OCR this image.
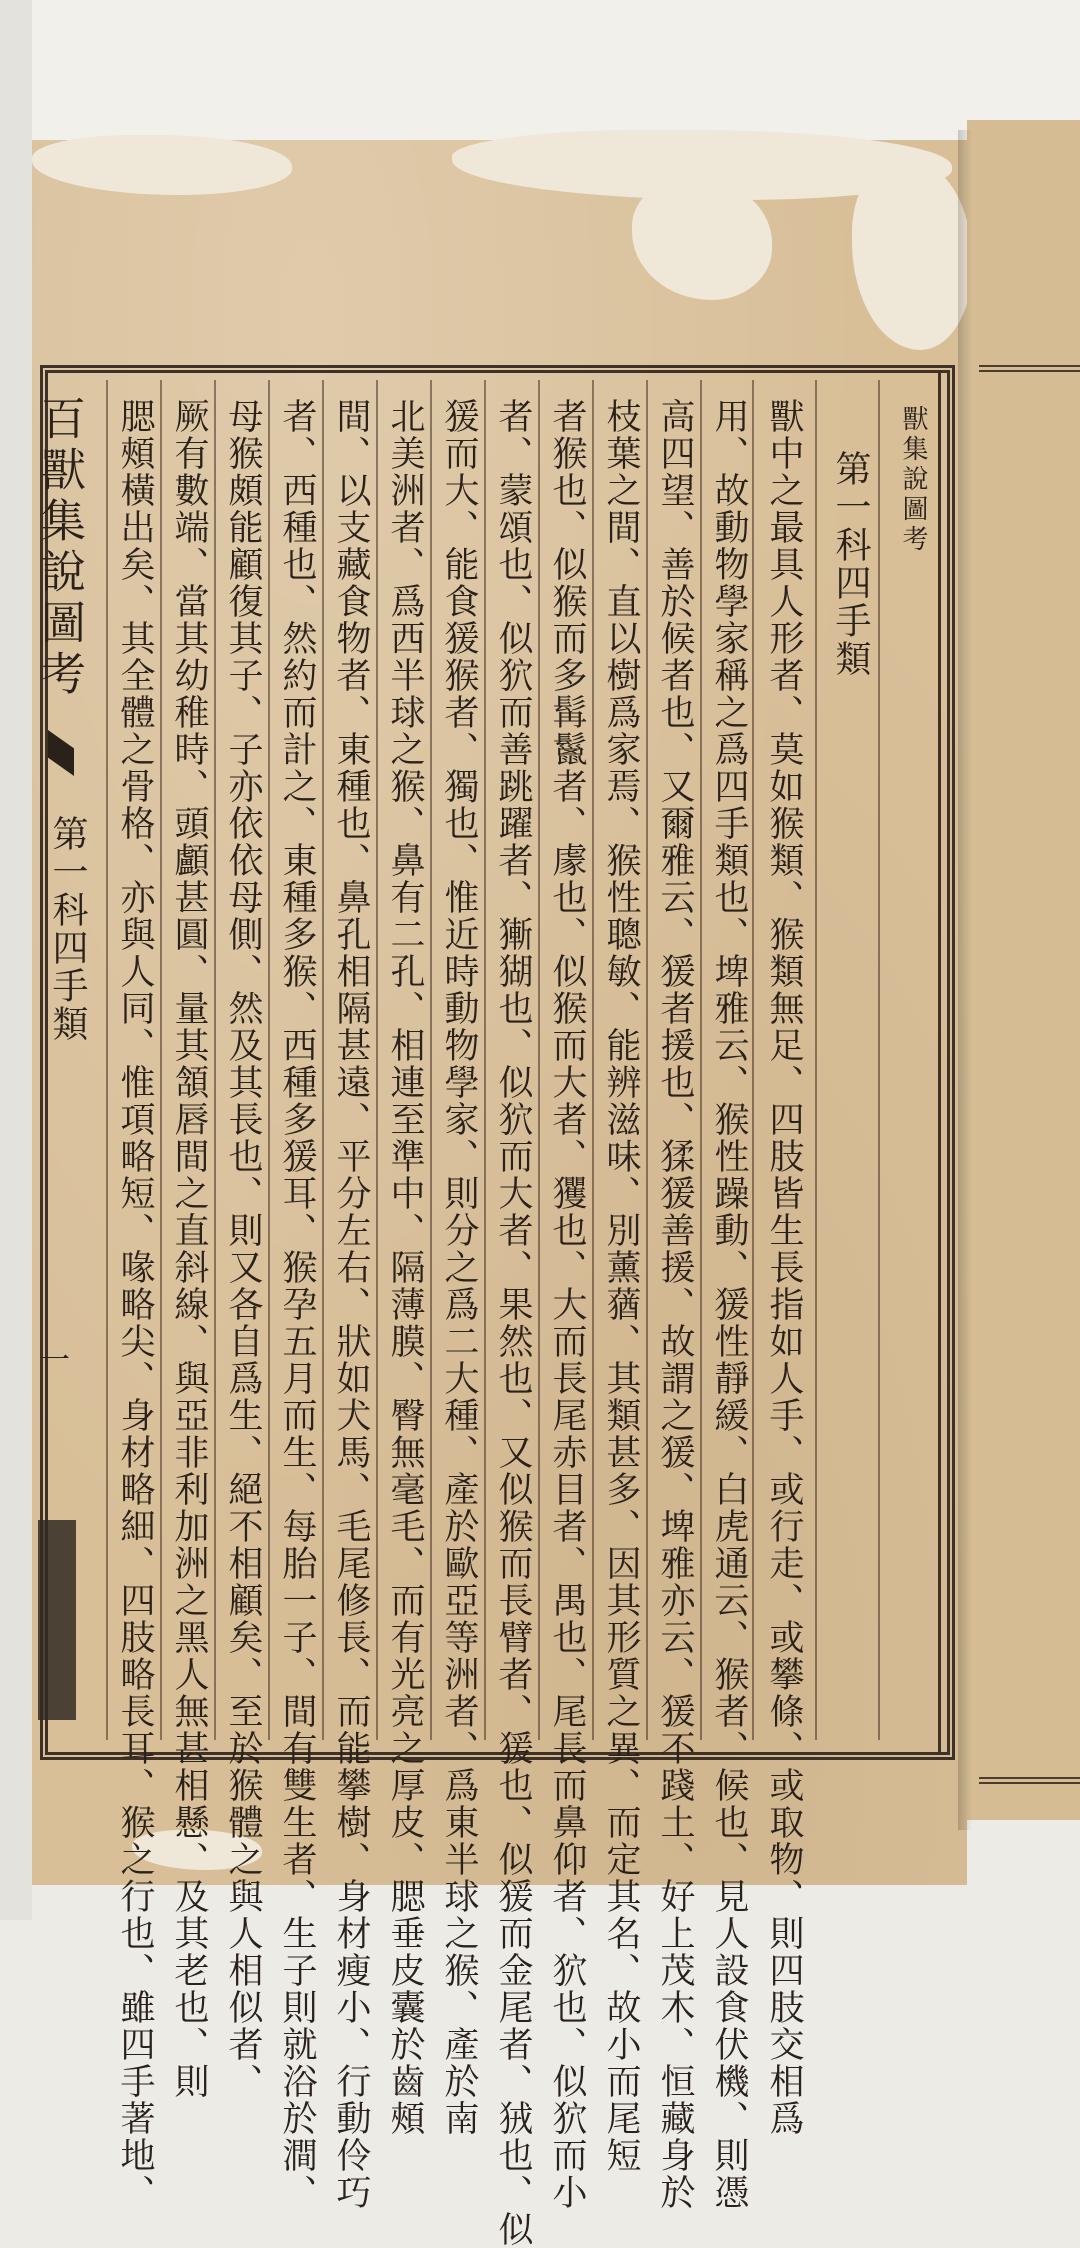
獸集說圖考
第一科四手類
獸中之最具人形者、莫如猴類、猴類無足、四肢皆生長指如人手、或行走、或攀條、或取物、則四肢交相爲
用、故動物學家稱之爲四手類也、埤雅云、猴性躁動、猨性靜緩、白虎通云、猴者、候也、見人設食伏機、則憑
高四望、善於候者也、又爾雅云、猨者援也、猱猨善援、故謂之猨、埤雅亦云、猨不踐土、好上茂木、恒藏身於
枝葉之間、直以樹爲家焉、猴性聰敏、能辨滋味、別薰蕕、其類甚多、因其形質之異、而定其名、故小而尾短
者猴也、似猴而多髯鬣者、豦也、似猴而大者、玃也、大而長尾赤目者、禺也、尾長而鼻仰者、狖也、似狖而小
者、蒙頌也、似狖而善跳躍者、獑猢也、似狖而大者、果然也、又似猴而長臂者、猨也、似猨而金尾者、狨也、似
猨而大、能食猨猴者、獨也、惟近時動物學家、則分之爲二大種、產於歐亞等洲者、爲東半球之猴、產於南
北美洲者、爲西半球之猴、鼻有二孔、相連至準中、隔薄膜、臀無毫毛、而有光亮之厚皮、腮垂皮囊於齒頰
間、以支藏食物者、東種也、鼻孔相隔甚遠、平分左右、狀如犬馬、毛尾修長、而能攀樹、身材瘦小、行動伶巧
者、西種也、然約而計之、東種多猴、西種多猨耳、猴孕五月而生、每胎一子、間有雙生者、生子則就浴於澗、
母猴頗能顧復其子、子亦依依母側、然及其長也、則又各自爲生、絕不相顧矣、至於猴體之與人相似者、
厥有數端、當其幼稚時、頭顱甚圓、量其頷唇間之直斜線、與亞非利加洲之黑人無甚相懸、及其老也、則
腮頰橫出矣、其全體之骨格、亦與人同、惟項略短、喙略尖、身材略細、四肢略長耳、猴之行也、雖四手著地、
百獸集說圖考
第一科四手類
一
